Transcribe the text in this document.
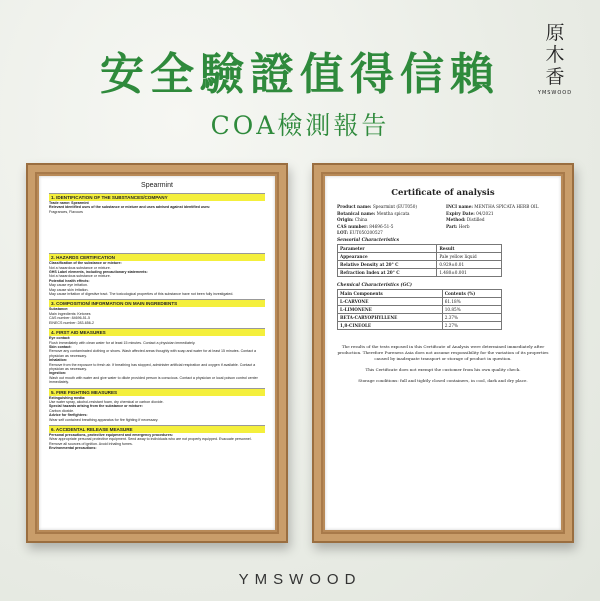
安全驗證值得信賴
COA檢測報告
原
木
香
YMSWOOD
Spearmint
1. IDENTIFICATION OF THE SUBSTANCES/COMPANY
Trade name: Spearmint
Relevant identified uses of the substance or mixture and uses advised against identified uses:
Fragrances, Flavours
2. HAZARDS CERTIFICATION
Classification of the substance or mixture:
Not a hazardous substance or mixture.
GHS Label elements, including precautionary statements:
Not a hazardous substance or mixture.
Potential health effects:
May cause eye irritation.
May cause skin irritation.
May cause irritation of digestive tract. The toxicological properties of this substance have not been fully investigated.
3. COMPOSITION/ INFORMATION ON MAIN INGREDIENTS
Substance:
Main ingredients: Ketones
CAS number: 84696-51-5
EINECS number: 283-656-2
4. FIRST AID MEASURES
Eye contact:
Flush immediately with clean water for at least 15 minutes. Contact a physician immediately.
Skin contact:
Remove any contaminated clothing or shoes. Wash affected areas thoughly with soap and water for at least 15 minutes. Contact a physician as necessary.
Inhalation:
Remove from the exposure to fresh air. If breathing has stopped, administer artificial respiration and oxygen if available. Contact a physician as necessary.
Ingestion:
Wash out mouth with water and give water to dilute provided person is conscious. Contact a physician or local poison control center immediately.
5. FIRE FIGHTING MEASURES
Extinguishing media:
Use water spray, alcohol-resistant foam, dry chemical or carbon dioxide.
Special hazards arising from the substance or mixture:
Carbon dioxide.
Advice for firefighters:
Wear self contained breathing apparatus for fire fighting if necessary.
6. ACCIDENTAL RELEASE MEASURE
Personal precautions, protective equipment and emergency procedures:
Wear appropriate personal protective equipment. Send away to individuals who are not properly equipped. Evacuate personnel. Remove all sources of ignition. Avoid inhaling fumes.
Environmental precautions:
Certificate of analysis
Product name: Spearmint (EUT050)	INCI name: MENTHA SPICATA HERB OIL
Botanical name: Mentha spicata	Expiry Date: 04/2021
Origin: China	Method: Distilled
CAS number: 84696-51-5	Part: Herb
LOT: EUT050200527
Sensorial Characteristics
Parameter	Result
Appearance	Pale yellow liquid
Relative Density at 20° C	0.929±0.01
Refraction Index at 20° C	1.480±0.001
Chemical Characteristics (GC)
Main Components	Contents (%)
L-CARVONE	61.18%
L-LIMONENE	10.85%
BETA-CARYOPHYLLENE	2.37%
1,8-CINEOLE	2.27%

The results of the tests exposed in this Certificate of Analysis were determined immediately after production. Therefore Pureness Asia does not assume responsibility for the variation of its properties caused by inadequate transport or storage of product in question.

This Certificate does not exempt the customer from his own quality check.

Storage conditions: full and tightly closed containers, in cool, dark and dry place.

YMSWOOD
